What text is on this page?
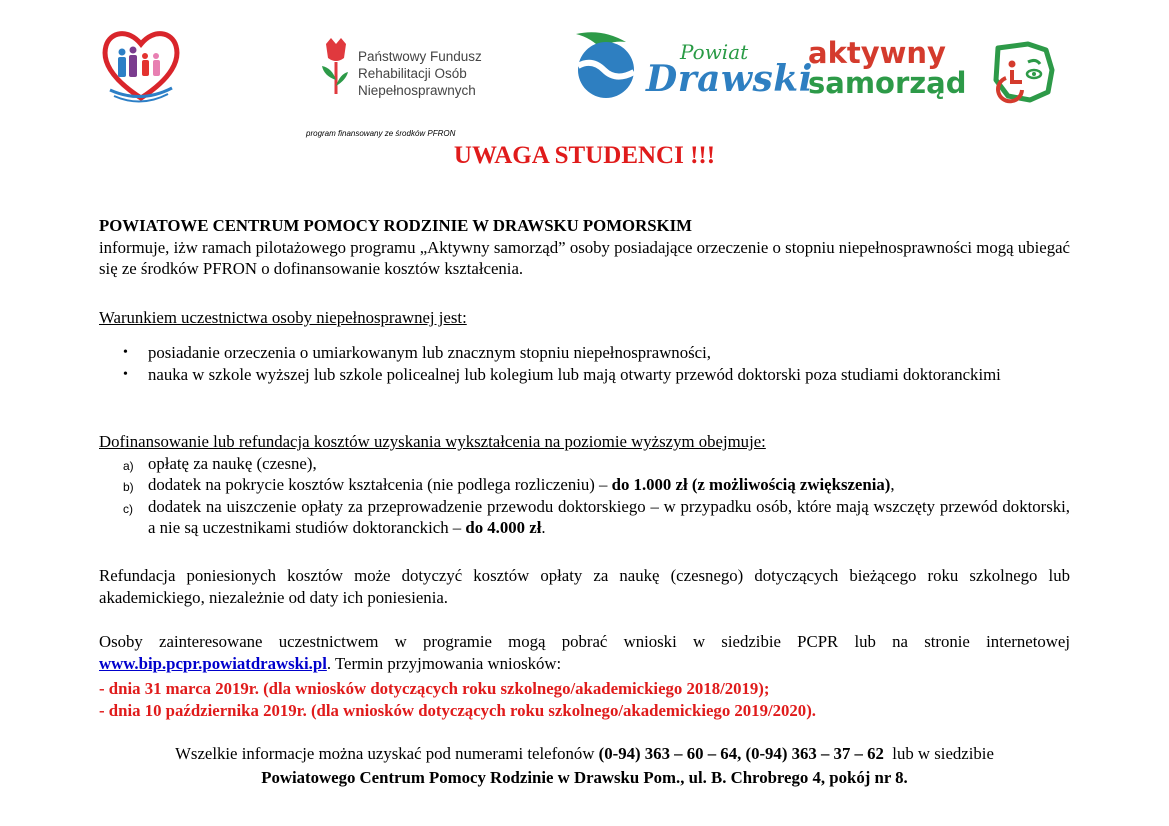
Państwowy Fundusz
Rehabilitacji Osób
Niepełnosprawnych
Powiat
Drawski
aktywny
samorząd
program finansowany ze środków PFRON
UWAGA STUDENCI !!!
POWIATOWE CENTRUM POMOCY RODZINIE W DRAWSKU POMORSKIM
informuje, iżw ramach pilotażowego programu „Aktywny samorząd” osoby posiadające orzeczenie o stopniu niepełnosprawności mogą ubiegać się ze środków PFRON o dofinansowanie kosztów kształcenia.
Warunkiem uczestnictwa osoby niepełnosprawnej jest:
• posiadanie orzeczenia o umiarkowanym lub znacznym stopniu niepełnosprawności,
• nauka w szkole wyższej lub szkole policealnej lub kolegium lub mają otwarty przewód doktorski poza studiami doktoranckimi
Dofinansowanie lub refundacja kosztów uzyskania wykształcenia na poziomie wyższym obejmuje:
a) opłatę za naukę (czesne),
b) dodatek na pokrycie kosztów kształcenia (nie podlega rozliczeniu) – do 1.000 zł (z możliwością zwiększenia),
c) dodatek na uiszczenie opłaty za przeprowadzenie przewodu doktorskiego – w przypadku osób, które mają wszczęty przewód doktorski, a nie są uczestnikami studiów doktoranckich – do 4.000 zł.
Refundacja poniesionych kosztów może dotyczyć kosztów opłaty za naukę (czesnego) dotyczących bieżącego roku szkolnego lub akademickiego, niezależnie od daty ich poniesienia.
Osoby zainteresowane uczestnictwem w programie mogą pobrać wnioski w siedzibie PCPR lub na stronie internetowej www.bip.pcpr.powiatdrawski.pl. Termin przyjmowania wniosków:
- dnia 31 marca 2019r. (dla wniosków dotyczących roku szkolnego/akademickiego 2018/2019);
- dnia 10 października 2019r. (dla wniosków dotyczących roku szkolnego/akademickiego 2019/2020).
Wszelkie informacje można uzyskać pod numerami telefonów (0-94) 363 – 60 – 64, (0-94) 363 – 37 – 62  lub w siedzibie
Powiatowego Centrum Pomocy Rodzinie w Drawsku Pom., ul. B. Chrobrego 4, pokój nr 8.
